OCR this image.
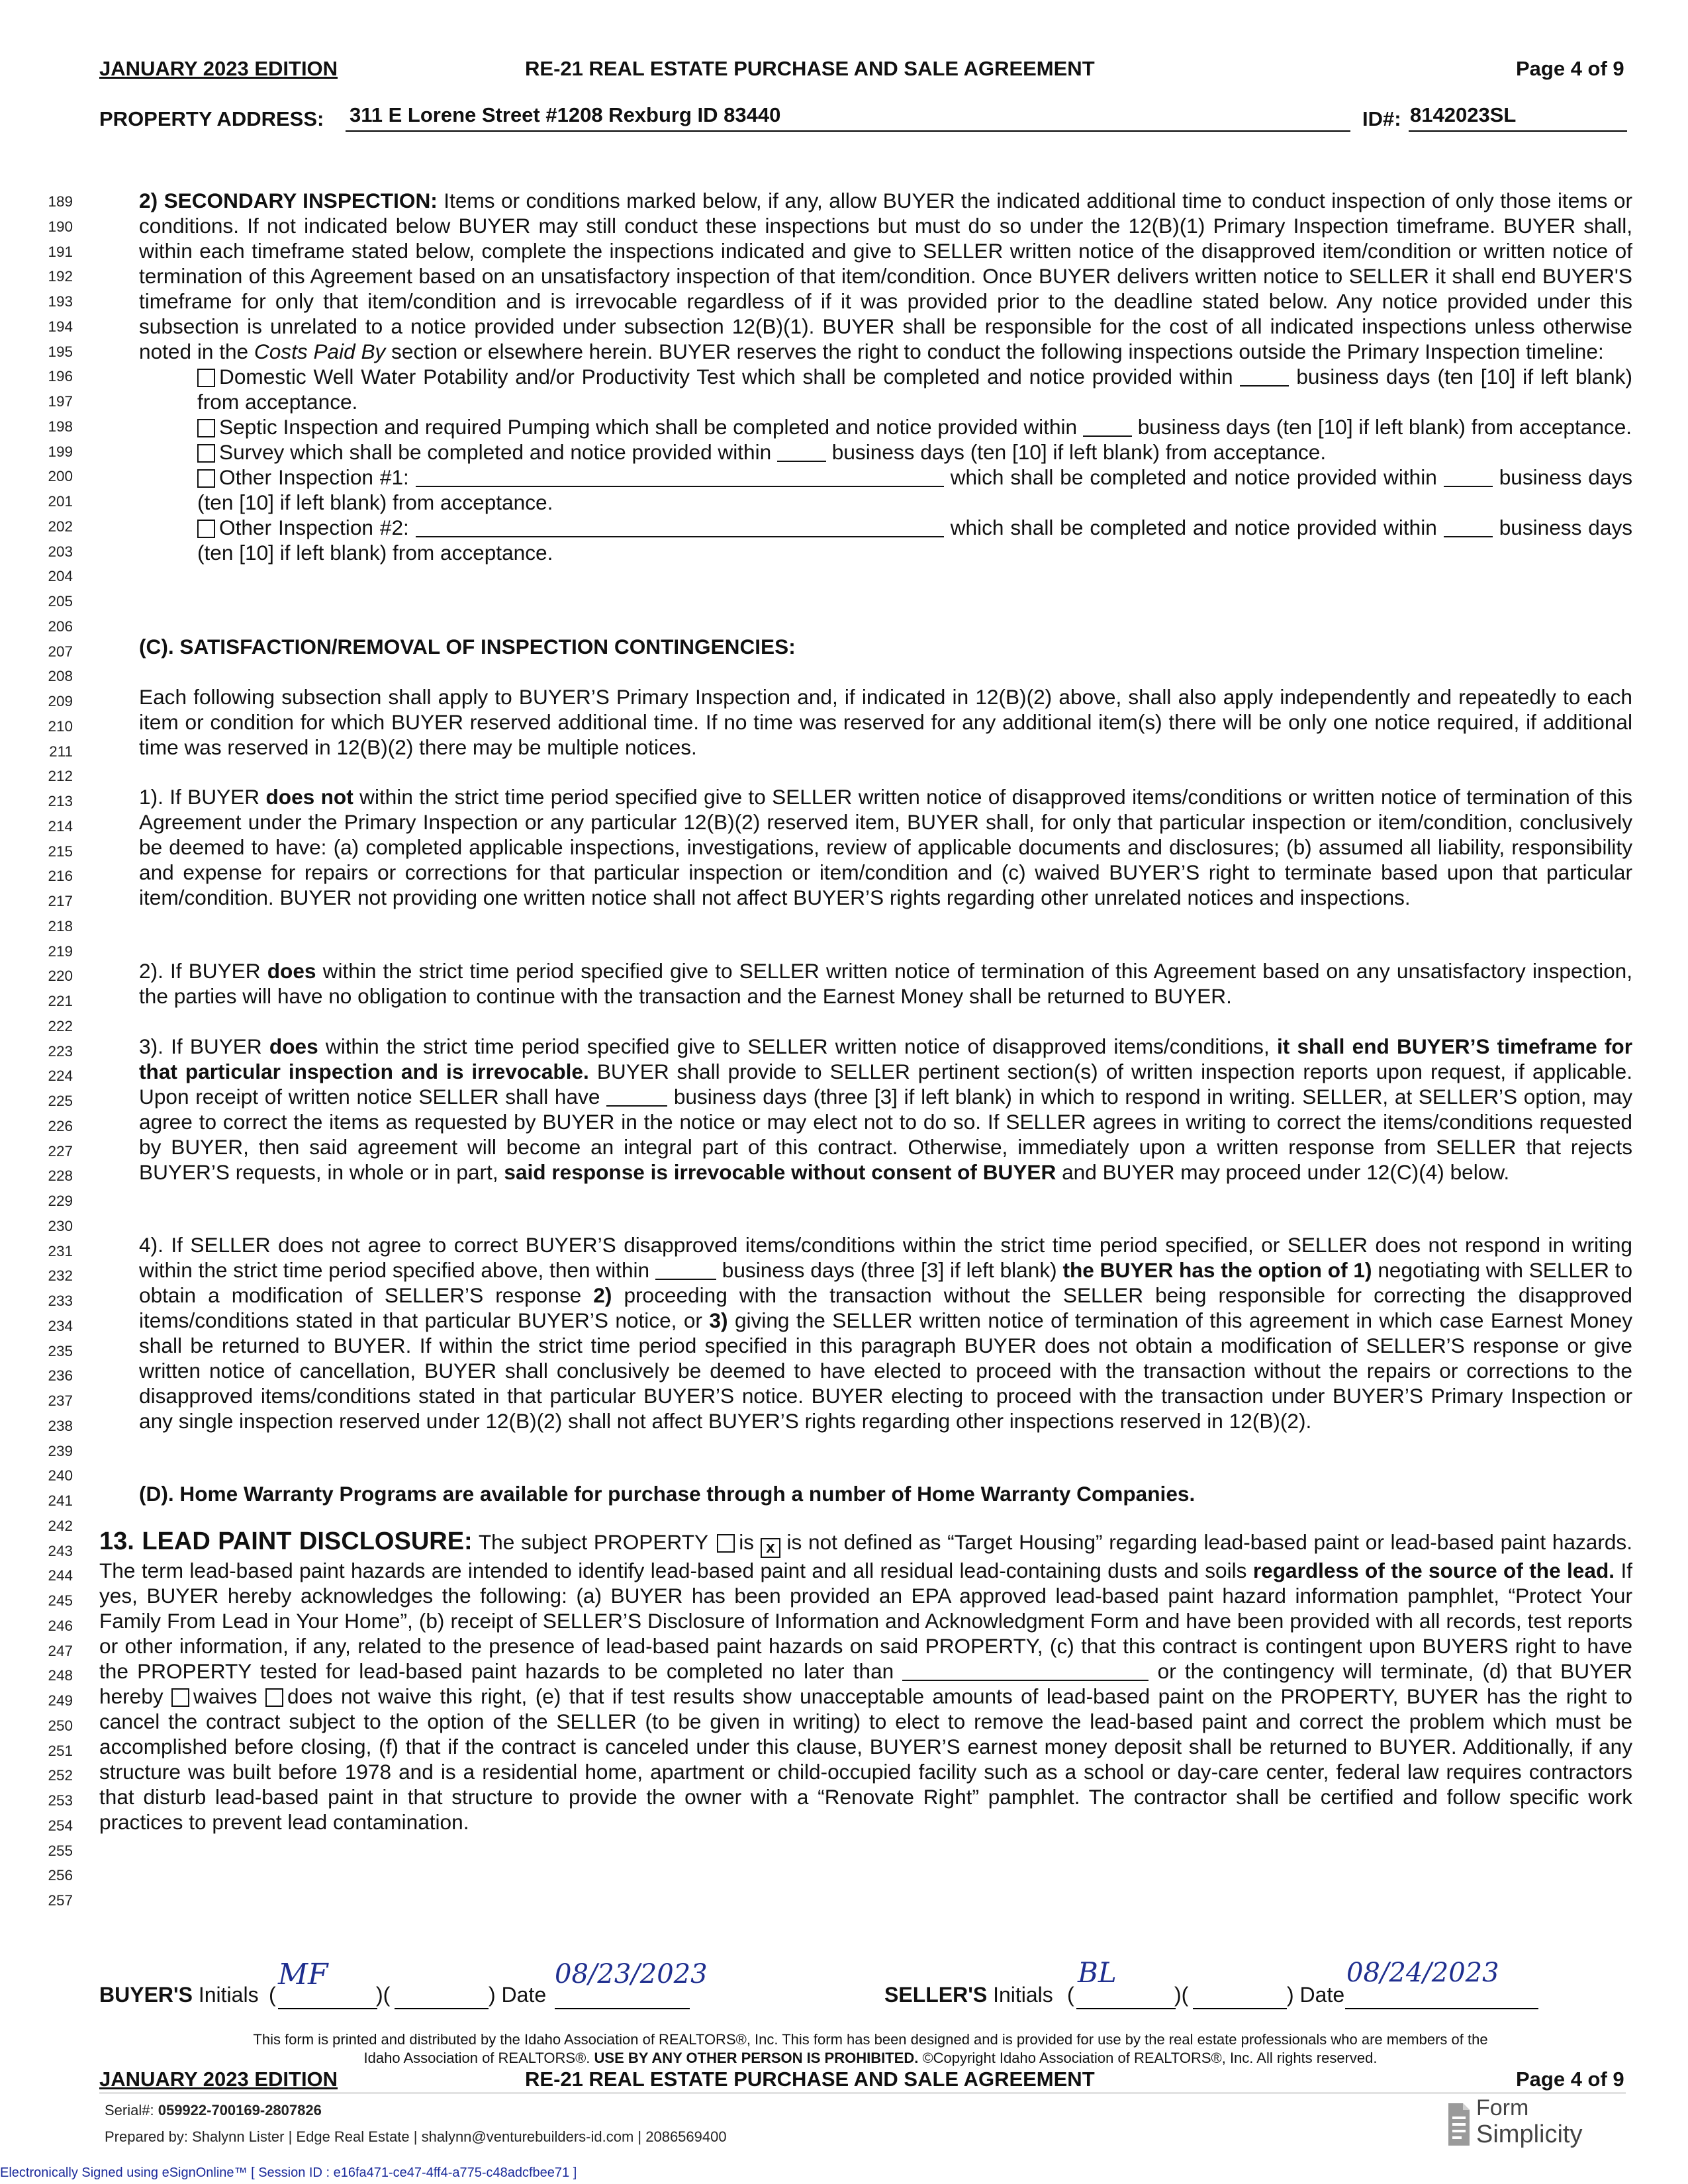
JANUARY 2023 EDITION	RE-21 REAL ESTATE PURCHASE AND SALE AGREEMENT	Page 4 of 9
PROPERTY ADDRESS: 311 E Lorene Street #1208 Rexburg ID 83440	ID#: 8142023SL
189
190
191
192
193
194
195
196
197
198
199
200
201
202
203
204
205
206
207
208
209
210
211
212
213
214
215
216
217
218
219
220
221
222
223
224
225
226
227
228
229
230
231
232
233
234
235
236
237
238
239
240
241
242
243
244
245
246
247
248
249
250
251
252
253
254
255
256
257

2) SECONDARY INSPECTION: Items or conditions marked below, if any, allow BUYER the indicated additional time to conduct inspection of only those items or conditions. If not indicated below BUYER may still conduct these inspections but must do so under the 12(B)(1) Primary Inspection timeframe. BUYER shall, within each timeframe stated below, complete the inspections indicated and give to SELLER written notice of the disapproved item/condition or written notice of termination of this Agreement based on an unsatisfactory inspection of that item/condition. Once BUYER delivers written notice to SELLER it shall end BUYER'S timeframe for only that item/condition and is irrevocable regardless of if it was provided prior to the deadline stated below. Any notice provided under this subsection is unrelated to a notice provided under subsection 12(B)(1). BUYER shall be responsible for the cost of all indicated inspections unless otherwise noted in the Costs Paid By section or elsewhere herein. BUYER reserves the right to conduct the following inspections outside the Primary Inspection timeline:

Domestic Well Water Potability and/or Productivity Test which shall be completed and notice provided within	business days (ten [10] if left blank) from acceptance.

Septic Inspection and required Pumping which shall be completed and notice provided within	business days (ten [10] if left blank) from acceptance.

Survey which shall be completed and notice provided within	business days (ten [10] if left blank) from acceptance.

Other Inspection #1:	which shall be completed and notice provided within	business days (ten [10] if left blank) from acceptance.

Other Inspection #2:	which shall be completed and notice provided within	business days (ten [10] if left blank) from acceptance.

(C). SATISFACTION/REMOVAL OF INSPECTION CONTINGENCIES:

Each following subsection shall apply to BUYER’S Primary Inspection and, if indicated in 12(B)(2) above, shall also apply independently and repeatedly to each item or condition for which BUYER reserved additional time. If no time was reserved for any additional item(s) there will be only one notice required, if additional time was reserved in 12(B)(2) there may be multiple notices.

1). If BUYER does not within the strict time period specified give to SELLER written notice of disapproved items/conditions or written notice of termination of this Agreement under the Primary Inspection or any particular 12(B)(2) reserved item, BUYER shall, for only that particular inspection or item/condition, conclusively be deemed to have: (a) completed applicable inspections, investigations, review of applicable documents and disclosures; (b) assumed all liability, responsibility and expense for repairs or corrections for that particular inspection or item/condition and (c) waived BUYER’S right to terminate based upon that particular item/condition. BUYER not providing one written notice shall not affect BUYER’S rights regarding other unrelated notices and inspections.

2). If BUYER does within the strict time period specified give to SELLER written notice of termination of this Agreement based on any unsatisfactory inspection, the parties will have no obligation to continue with the transaction and the Earnest Money shall be returned to BUYER.

3). If BUYER does within the strict time period specified give to SELLER written notice of disapproved items/conditions, it shall end BUYER’S timeframe for that particular inspection and is irrevocable. BUYER shall provide to SELLER pertinent section(s) of written inspection reports upon request, if applicable. Upon receipt of written notice SELLER shall have	business days (three [3] if left blank) in which to respond in writing. SELLER, at SELLER’S option, may agree to correct the items as requested by BUYER in the notice or may elect not to do so. If SELLER agrees in writing to correct the items/conditions requested by BUYER, then said agreement will become an integral part of this contract. Otherwise, immediately upon a written response from SELLER that rejects BUYER’S requests, in whole or in part, said response is irrevocable without consent of BUYER and BUYER may proceed under 12(C)(4) below.

4). If SELLER does not agree to correct BUYER’S disapproved items/conditions within the strict time period specified, or SELLER does not respond in writing within the strict time period specified above, then within	business days (three [3] if left blank) the BUYER has the option of 1) negotiating with SELLER to obtain a modification of SELLER’S response 2) proceeding with the transaction without the SELLER being responsible for correcting the disapproved items/conditions stated in that particular BUYER’S notice, or 3) giving the SELLER written notice of termination of this agreement in which case Earnest Money shall be returned to BUYER. If within the strict time period specified in this paragraph BUYER does not obtain a modification of SELLER’S response or give written notice of cancellation, BUYER shall conclusively be deemed to have elected to proceed with the transaction without the repairs or corrections to the disapproved items/conditions stated in that particular BUYER’S notice. BUYER electing to proceed with the transaction under BUYER’S Primary Inspection or any single inspection reserved under 12(B)(2) shall not affect BUYER’S rights regarding other inspections reserved in 12(B)(2).

(D). Home Warranty Programs are available for purchase through a number of Home Warranty Companies.

13. LEAD PAINT DISCLOSURE: The subject PROPERTY is x is not defined as “Target Housing” regarding lead-based paint or lead-based paint hazards. The term lead-based paint hazards are intended to identify lead-based paint and all residual lead-containing dusts and soils regardless of the source of the lead. If yes, BUYER hereby acknowledges the following: (a) BUYER has been provided an EPA approved lead-based paint hazard information pamphlet, “Protect Your Family From Lead in Your Home”, (b) receipt of SELLER’S Disclosure of Information and Acknowledgment Form and have been provided with all records, test reports or other information, if any, related to the presence of lead-based paint hazards on said PROPERTY, (c) that this contract is contingent upon BUYERS right to have the PROPERTY tested for lead-based paint hazards to be completed no later than	or the contingency will terminate, (d) that BUYER hereby waives does not waive this right, (e) that if test results show unacceptable amounts of lead-based paint on the PROPERTY, BUYER has the right to cancel the contract subject to the option of the SELLER (to be given in writing) to elect to remove the lead-based paint and correct the problem which must be accomplished before closing, (f) that if the contract is canceled under this clause, BUYER’S earnest money deposit shall be returned to BUYER. Additionally, if any structure was built before 1978 and is a residential home, apartment or child-occupied facility such as a school or day-care center, federal law requires contractors that disturb lead-based paint in that structure to provide the owner with a “Renovate Right” pamphlet. The contractor shall be certified and follow specific work practices to prevent lead contamination.

BUYER'S Initials (
MF
)(	) Date
08/23/2023
SELLER'S Initials (
BL
)(	) Date
08/24/2023
This form is printed and distributed by the Idaho Association of REALTORS®, Inc. This form has been designed and is provided for use by the real estate professionals who are members of the
Idaho Association of REALTORS®. USE BY ANY OTHER PERSON IS PROHIBITED. ©Copyright Idaho Association of REALTORS®, Inc. All rights reserved.
JANUARY 2023 EDITION	RE-21 REAL ESTATE PURCHASE AND SALE AGREEMENT	Page 4 of 9
Serial#: 059922-700169-2807826
Prepared by: Shalynn Lister | Edge Real Estate | shalynn@venturebuilders-id.com | 2086569400
Form
Simplicity
Electronically Signed using eSignOnline™ [ Session ID : e16fa471-ce47-4ff4-a775-c48adcfbee71 ]
